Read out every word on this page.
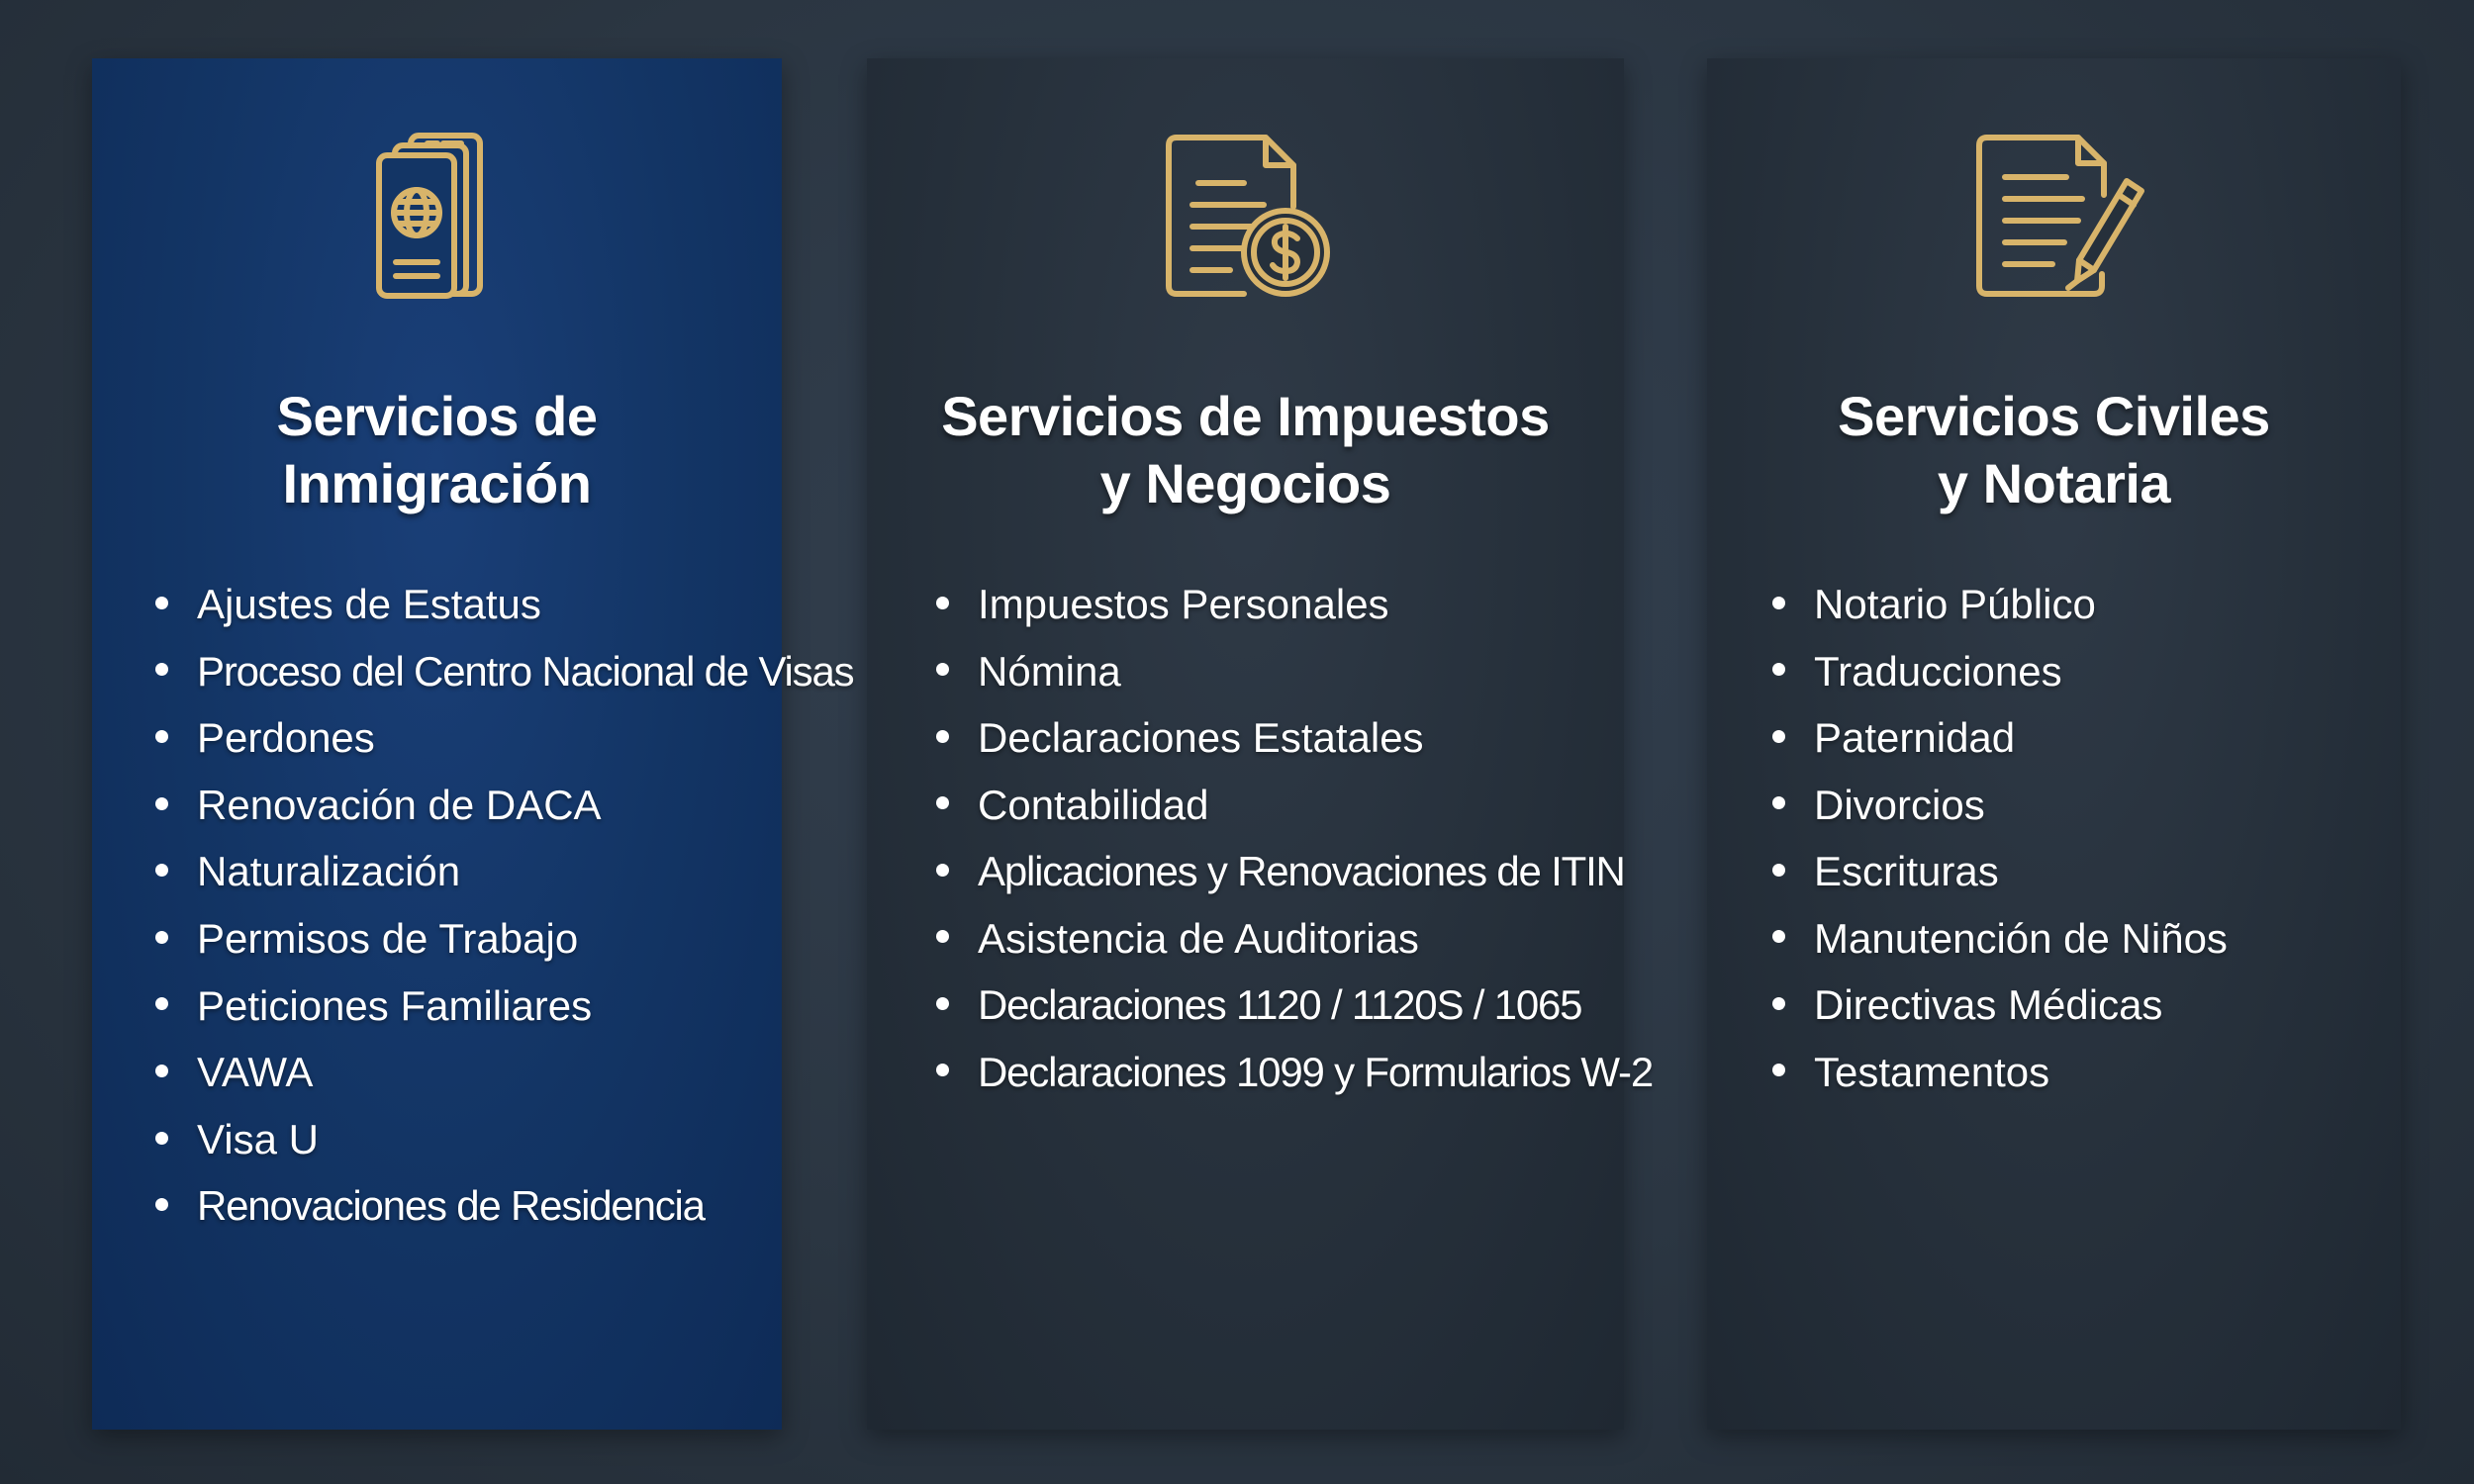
Servicios de
Inmigración
Ajustes de Estatus
Proceso del Centro Nacional de Visas
Perdones
Renovación de DACA
Naturalización
Permisos de Trabajo
Peticiones Familiares
VAWA
Visa U
Renovaciones de Residencia
Servicios de Impuestos
y Negocios
Impuestos Personales
Nómina
Declaraciones Estatales
Contabilidad
Aplicaciones y Renovaciones de ITIN
Asistencia de Auditorias
Declaraciones 1120 / 1120S / 1065
Declaraciones 1099 y Formularios W-2
Servicios Civiles
y Notaria
Notario Público
Traducciones
Paternidad
Divorcios
Escrituras
Manutención de Niños
Directivas Médicas
Testamentos
